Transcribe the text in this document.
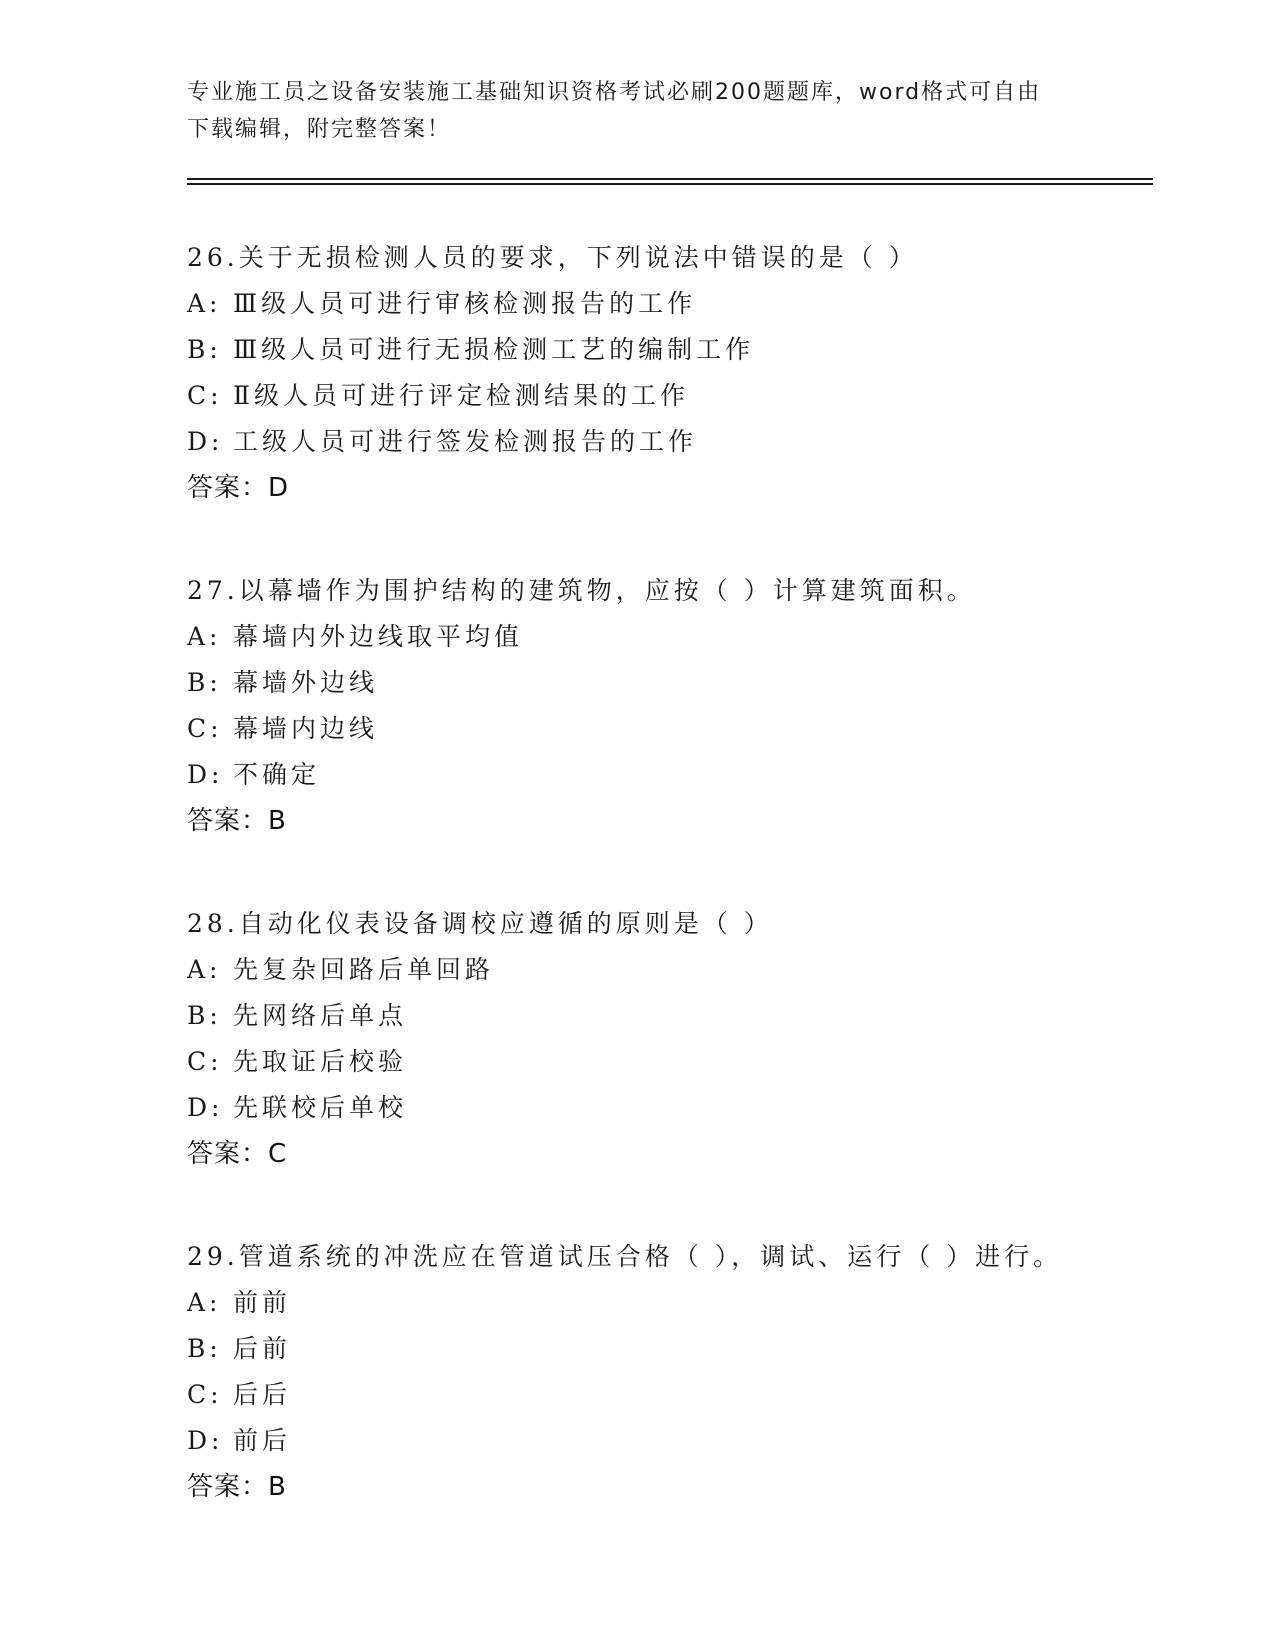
专业施工员之设备安装施工基础知识资格考试必刷200题题库，word格式可自由
下载编辑，附完整答案！
26.关于无损检测人员的要求，下列说法中错误的是（ ）
A: Ⅲ级人员可进行审核检测报告的工作
B: Ⅲ级人员可进行无损检测工艺的编制工作
C: Ⅱ级人员可进行评定检测结果的工作
D: 工级人员可进行签发检测报告的工作
答案：D
27.以幕墙作为围护结构的建筑物，应按（ ）计算建筑面积。
A: 幕墙内外边线取平均值
B: 幕墙外边线
C: 幕墙内边线
D: 不确定
答案：B
28.自动化仪表设备调校应遵循的原则是（ ）
A: 先复杂回路后单回路
B: 先网络后单点
C: 先取证后校验
D: 先联校后单校
答案：C
29.管道系统的冲洗应在管道试压合格（ ），调试、运行（ ）进行。
A: 前前
B: 后前
C: 后后
D: 前后
答案：B
